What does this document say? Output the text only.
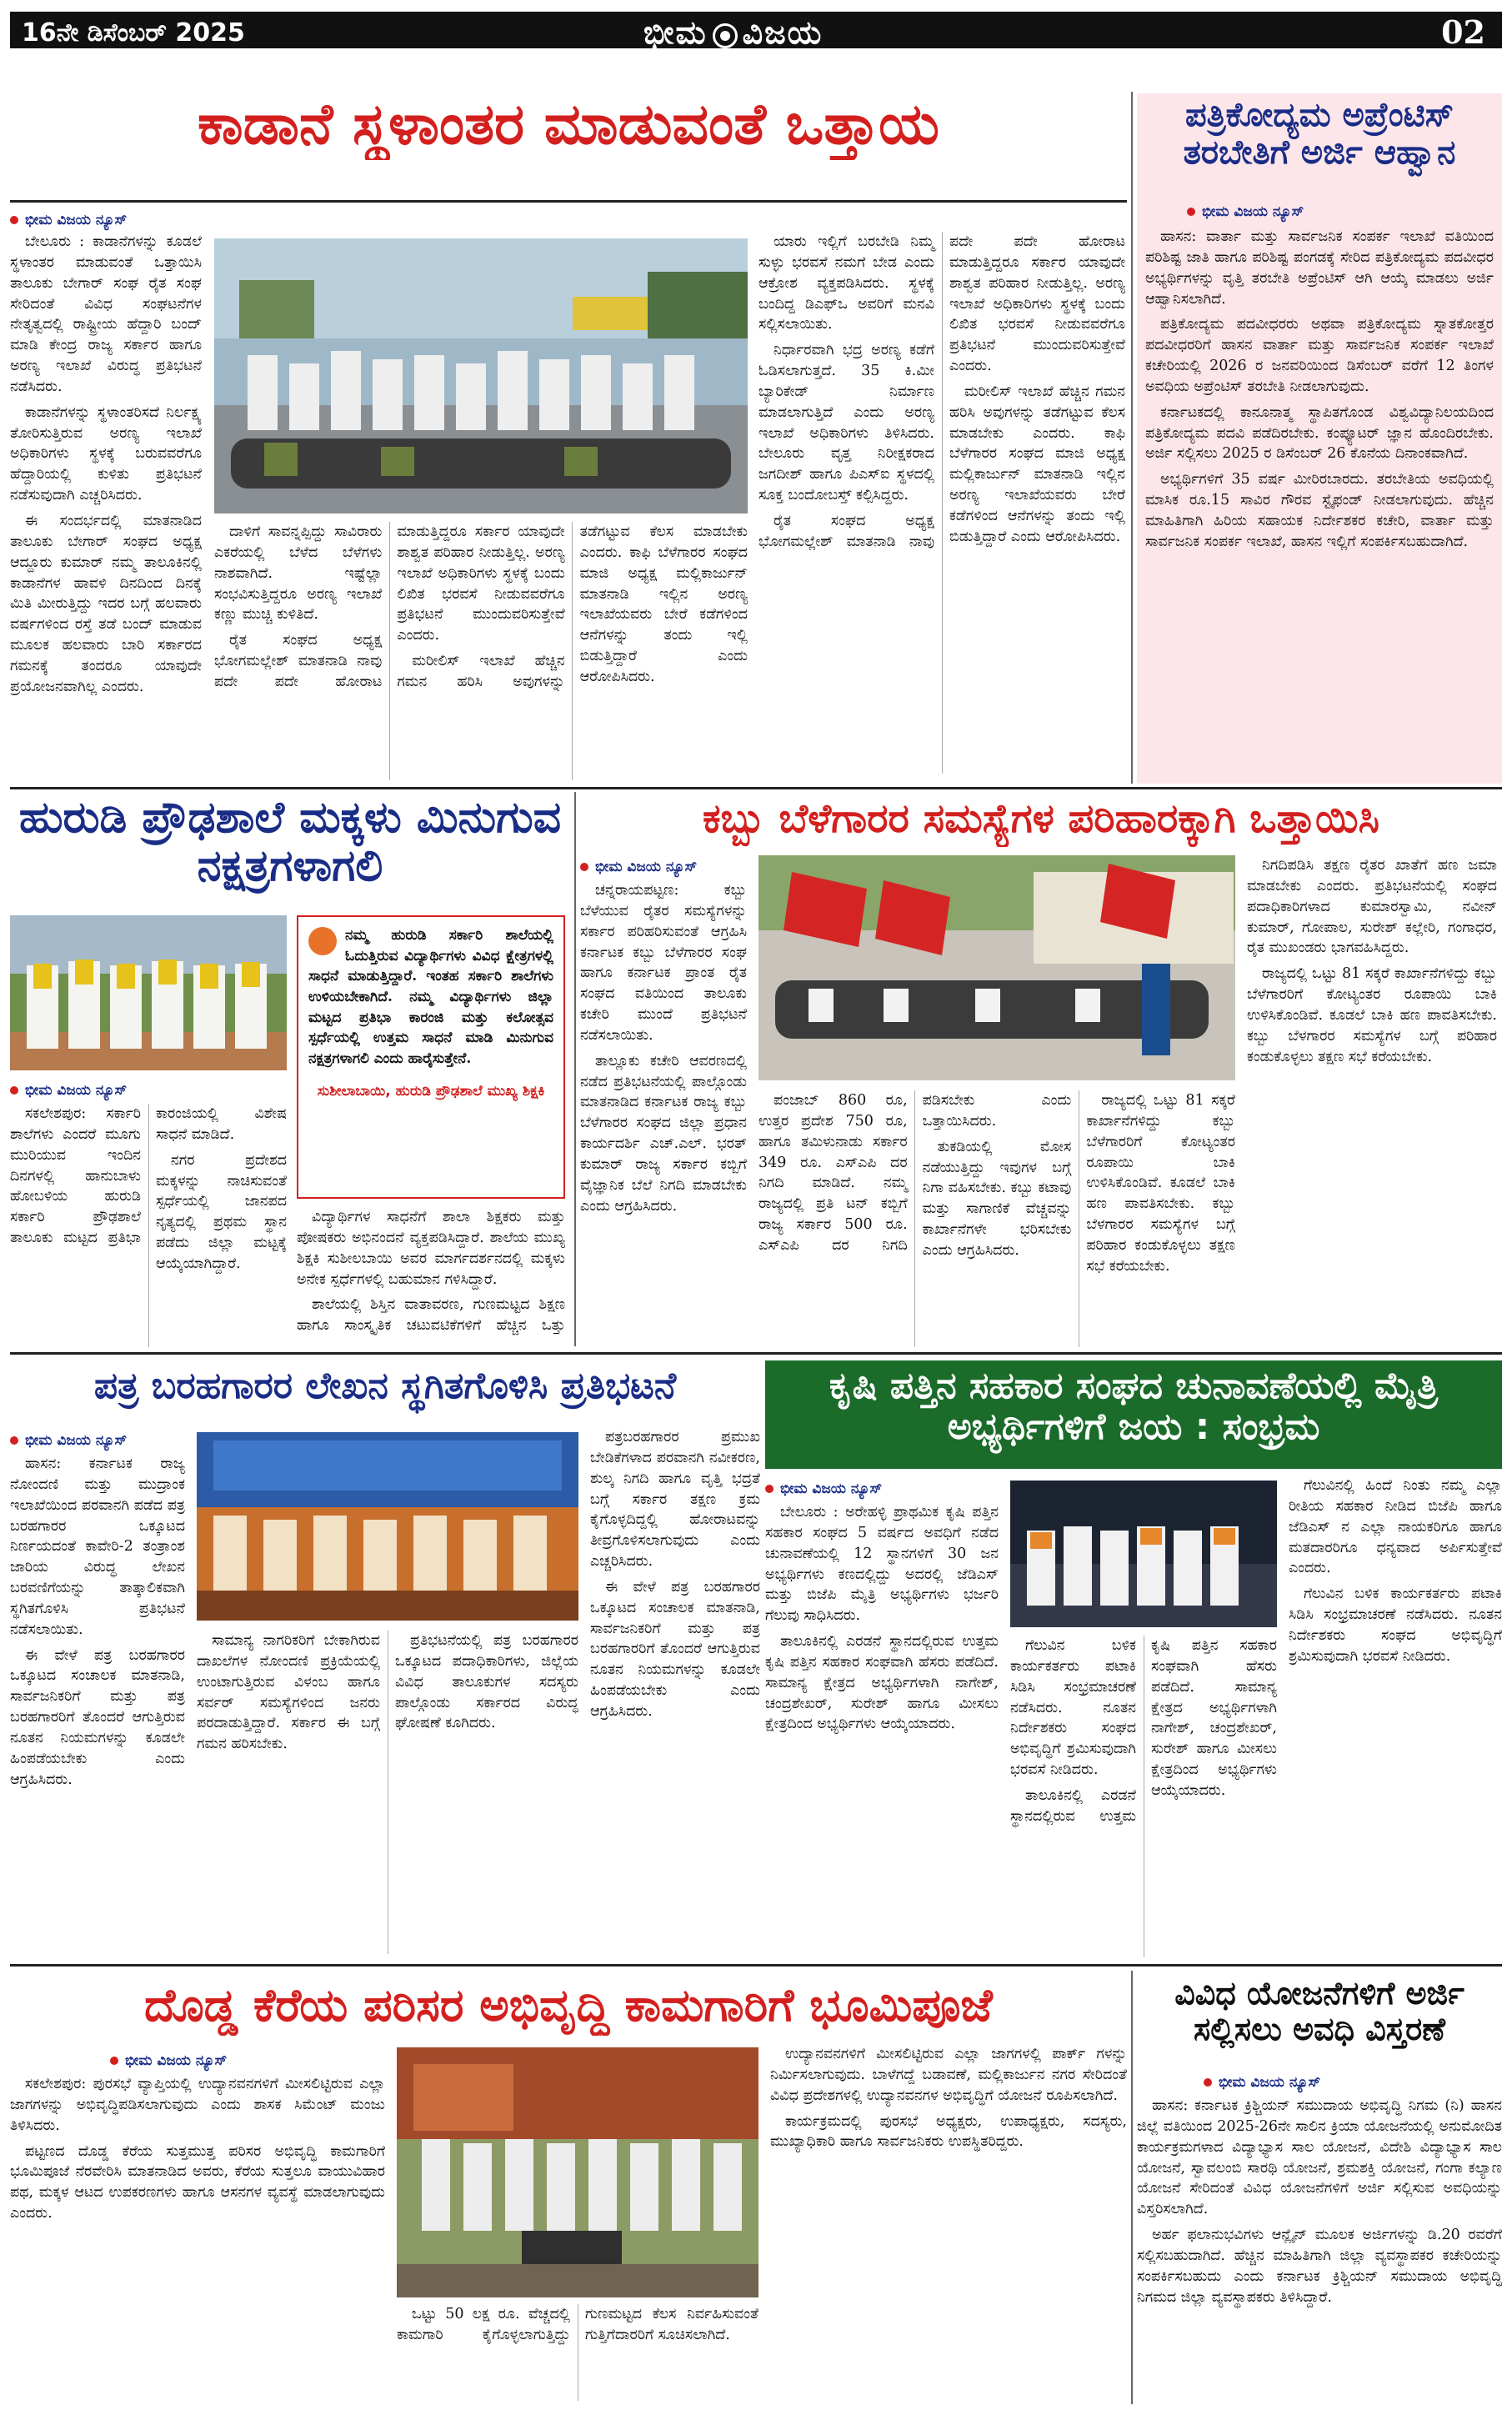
16ನೇ ಡಿಸೆಂಬರ್ 2025	ಭೀಮ ವಿಜಯ	02
ಕಾಡಾನೆ ಸ್ಥಳಾಂತರ ಮಾಡುವಂತೆ ಒತ್ತಾಯ
ಭೀಮ ವಿಜಯ ನ್ಯೂಸ್

ಬೇಲೂರು : ಕಾಡಾನೆಗಳನ್ನು ಕೂಡಲೆ ಸ್ಥಳಾಂತರ ಮಾಡುವಂತೆ ಒತ್ತಾಯಿಸಿ ತಾಲೂಕು ಬೇಗಾರ್ ಸಂಘ ರೈತ ಸಂಘ ಸೇರಿದಂತೆ ವಿವಿಧ ಸಂಘಟನೆಗಳ ನೇತೃತ್ವದಲ್ಲಿ ರಾಷ್ಟ್ರೀಯ ಹೆದ್ದಾರಿ ಬಂದ್ ಮಾಡಿ ಕೇಂದ್ರ ರಾಜ್ಯ ಸರ್ಕಾರ ಹಾಗೂ ಅರಣ್ಯ ಇಲಾಖೆ ವಿರುದ್ಧ ಪ್ರತಿಭಟನೆ ನಡೆಸಿದರು.

ಕಾಡಾನೆಗಳನ್ನು ಸ್ಥಳಾಂತರಿಸದೆ ನಿರ್ಲಕ್ಷ್ಯ ತೋರಿಸುತ್ತಿರುವ ಅರಣ್ಯ ಇಲಾಖೆ ಅಧಿಕಾರಿಗಳು ಸ್ಥಳಕ್ಕೆ ಬರುವವರೆಗೂ ಹೆದ್ದಾರಿಯಲ್ಲಿ ಕುಳಿತು ಪ್ರತಿಭಟನೆ ನಡೆಸುವುದಾಗಿ ಎಚ್ಚರಿಸಿದರು.

ಈ ಸಂದರ್ಭದಲ್ಲಿ ಮಾತನಾಡಿದ ತಾಲೂಕು ಬೇಗಾರ್ ಸಂಘದ ಅಧ್ಯಕ್ಷ ಆದ್ದೂರು ಕುಮಾರ್ ನಮ್ಮ ತಾಲೂಕಿನಲ್ಲಿ ಕಾಡಾನೆಗಳ ಹಾವಳಿ ದಿನದಿಂದ ದಿನಕ್ಕೆ ಮಿತಿ ಮೀರುತ್ತಿದ್ದು ಇದರ ಬಗ್ಗೆ ಹಲವಾರು ವರ್ಷಗಳಿಂದ ರಸ್ತೆ ತಡೆ ಬಂದ್ ಮಾಡುವ ಮೂಲಕ ಹಲವಾರು ಬಾರಿ ಸರ್ಕಾರದ ಗಮನಕ್ಕೆ ತಂದರೂ ಯಾವುದೇ ಪ್ರಯೋಜನವಾಗಿಲ್ಲ ಎಂದರು.

ದಾಳಿಗೆ ಸಾವನ್ನಪ್ಪಿದ್ದು ಸಾವಿರಾರು ಎಕರೆಯಲ್ಲಿ ಬೆಳೆದ ಬೆಳೆಗಳು ನಾಶವಾಗಿದೆ. ಇಷ್ಟೆಲ್ಲಾ ಸಂಭವಿಸುತ್ತಿದ್ದರೂ ಅರಣ್ಯ ಇಲಾಖೆ ಕಣ್ಣು ಮುಚ್ಚಿ ಕುಳಿತಿದೆ.

ರೈತ ಸಂಘದ ಅಧ್ಯಕ್ಷ ಭೋಗಮಲ್ಲೇಶ್ ಮಾತನಾಡಿ ನಾವು ಪದೇ ಪದೇ ಹೋರಾಟ ಮಾಡುತ್ತಿದ್ದರೂ ಸರ್ಕಾರ ಯಾವುದೇ ಶಾಶ್ವತ ಪರಿಹಾರ ನೀಡುತ್ತಿಲ್ಲ. ಅರಣ್ಯ ಇಲಾಖೆ ಅಧಿಕಾರಿಗಳು ಸ್ಥಳಕ್ಕೆ ಬಂದು ಲಿಖಿತ ಭರವಸೆ ನೀಡುವವರೆಗೂ ಪ್ರತಿಭಟನೆ ಮುಂದುವರಿಸುತ್ತೇವೆ ಎಂದರು.

ಮರೀಲಿಸ್ ಇಲಾಖೆ ಹೆಚ್ಚಿನ ಗಮನ ಹರಿಸಿ ಅವುಗಳನ್ನು ತಡೆಗಟ್ಟುವ ಕೆಲಸ ಮಾಡಬೇಕು ಎಂದರು. ಕಾಫಿ ಬೆಳೆಗಾರರ ಸಂಘದ ಮಾಜಿ ಅಧ್ಯಕ್ಷ ಮಲ್ಲಿಕಾರ್ಜುನ್ ಮಾತನಾಡಿ ಇಲ್ಲಿನ ಅರಣ್ಯ ಇಲಾಖೆಯವರು ಬೇರೆ ಕಡೆಗಳಿಂದ ಆನೆಗಳನ್ನು ತಂದು ಇಲ್ಲಿ ಬಿಡುತ್ತಿದ್ದಾರೆ ಎಂದು ಆರೋಪಿಸಿದರು.

ಯಾರು ಇಲ್ಲಿಗೆ ಬರಬೇಡಿ ನಿಮ್ಮ ಸುಳ್ಳು ಭರವಸೆ ನಮಗೆ ಬೇಡ ಎಂದು ಆಕ್ರೋಶ ವ್ಯಕ್ತಪಡಿಸಿದರು. ಸ್ಥಳಕ್ಕೆ ಬಂದಿದ್ದ ಡಿಎಫ್ಒ ಅವರಿಗೆ ಮನವಿ ಸಲ್ಲಿಸಲಾಯಿತು.

ನಿರ್ಧಾರವಾಗಿ ಭದ್ರ ಅರಣ್ಯ ಕಡೆಗೆ ಓಡಿಸಲಾಗುತ್ತದೆ. 35 ಕಿ.ಮೀ ಬ್ಯಾರಿಕೇಡ್ ನಿರ್ಮಾಣ ಮಾಡಲಾಗುತ್ತಿದೆ ಎಂದು ಅರಣ್ಯ ಇಲಾಖೆ ಅಧಿಕಾರಿಗಳು ತಿಳಿಸಿದರು. ಬೇಲೂರು ವೃತ್ತ ನಿರೀಕ್ಷಕರಾದ ಜಗದೀಶ್ ಹಾಗೂ ಪಿಎಸ್ಐ ಸ್ಥಳದಲ್ಲಿ ಸೂಕ್ತ ಬಂದೋಬಸ್ತ್ ಕಲ್ಪಿಸಿದ್ದರು.

ರೈತ ಸಂಘದ ಅಧ್ಯಕ್ಷ ಭೋಗಮಲ್ಲೇಶ್ ಮಾತನಾಡಿ ನಾವು ಪದೇ ಪದೇ ಹೋರಾಟ ಮಾಡುತ್ತಿದ್ದರೂ ಸರ್ಕಾರ ಯಾವುದೇ ಶಾಶ್ವತ ಪರಿಹಾರ ನೀಡುತ್ತಿಲ್ಲ. ಅರಣ್ಯ ಇಲಾಖೆ ಅಧಿಕಾರಿಗಳು ಸ್ಥಳಕ್ಕೆ ಬಂದು ಲಿಖಿತ ಭರವಸೆ ನೀಡುವವರೆಗೂ ಪ್ರತಿಭಟನೆ ಮುಂದುವರಿಸುತ್ತೇವೆ ಎಂದರು.

ಮರೀಲಿಸ್ ಇಲಾಖೆ ಹೆಚ್ಚಿನ ಗಮನ ಹರಿಸಿ ಅವುಗಳನ್ನು ತಡೆಗಟ್ಟುವ ಕೆಲಸ ಮಾಡಬೇಕು ಎಂದರು. ಕಾಫಿ ಬೆಳೆಗಾರರ ಸಂಘದ ಮಾಜಿ ಅಧ್ಯಕ್ಷ ಮಲ್ಲಿಕಾರ್ಜುನ್ ಮಾತನಾಡಿ ಇಲ್ಲಿನ ಅರಣ್ಯ ಇಲಾಖೆಯವರು ಬೇರೆ ಕಡೆಗಳಿಂದ ಆನೆಗಳನ್ನು ತಂದು ಇಲ್ಲಿ ಬಿಡುತ್ತಿದ್ದಾರೆ ಎಂದು ಆರೋಪಿಸಿದರು.

ಪತ್ರಿಕೋದ್ಯಮ ಅಪ್ರೆಂಟಿಸ್ ತರಬೇತಿಗೆ ಅರ್ಜಿ ಆಹ್ವಾನ
ಭೀಮ ವಿಜಯ ನ್ಯೂಸ್

ಹಾಸನ: ವಾರ್ತಾ ಮತ್ತು ಸಾರ್ವಜನಿಕ ಸಂಪರ್ಕ ಇಲಾಖೆ ವತಿಯಿಂದ ಪರಿಶಿಷ್ಟ ಜಾತಿ ಹಾಗೂ ಪರಿಶಿಷ್ಟ ಪಂಗಡಕ್ಕೆ ಸೇರಿದ ಪತ್ರಿಕೋದ್ಯಮ ಪದವೀಧರ ಅಭ್ಯರ್ಥಿಗಳನ್ನು ವೃತ್ತಿ ತರಬೇತಿ ಅಪ್ರೆಂಟಿಸ್ ಆಗಿ ಆಯ್ಕೆ ಮಾಡಲು ಅರ್ಜಿ ಆಹ್ವಾನಿಸಲಾಗಿದೆ.

ಪತ್ರಿಕೋದ್ಯಮ ಪದವೀಧರರು ಅಥವಾ ಪತ್ರಿಕೋದ್ಯಮ ಸ್ನಾತಕೋತ್ತರ ಪದವೀಧರರಿಗೆ ಹಾಸನ ವಾರ್ತಾ ಮತ್ತು ಸಾರ್ವಜನಿಕ ಸಂಪರ್ಕ ಇಲಾಖೆ ಕಚೇರಿಯಲ್ಲಿ 2026 ರ ಜನವರಿಯಿಂದ ಡಿಸೆಂಬರ್ ವರೆಗೆ 12 ತಿಂಗಳ ಅವಧಿಯ ಅಪ್ರೆಂಟಿಸ್ ತರಬೇತಿ ನೀಡಲಾಗುವುದು.

ಕರ್ನಾಟಕದಲ್ಲಿ ಕಾನೂನಾತ್ಮ ಸ್ಥಾಪಿತಗೊಂಡ ವಿಶ್ವವಿದ್ಯಾನಿಲಯದಿಂದ ಪತ್ರಿಕೋದ್ಯಮ ಪದವಿ ಪಡೆದಿರಬೇಕು. ಕಂಪ್ಯೂಟರ್ ಜ್ಞಾನ ಹೊಂದಿರಬೇಕು. ಅರ್ಜಿ ಸಲ್ಲಿಸಲು 2025 ರ ಡಿಸೆಂಬರ್ 26 ಕೊನೆಯ ದಿನಾಂಕವಾಗಿದೆ.

ಅಭ್ಯರ್ಥಿಗಳಿಗೆ 35 ವರ್ಷ ಮೀರಿರಬಾರದು. ತರಬೇತಿಯ ಅವಧಿಯಲ್ಲಿ ಮಾಸಿಕ ರೂ.15 ಸಾವಿರ ಗೌರವ ಸ್ಟೈಫಂಡ್ ನೀಡಲಾಗುವುದು. ಹೆಚ್ಚಿನ ಮಾಹಿತಿಗಾಗಿ ಹಿರಿಯ ಸಹಾಯಕ ನಿರ್ದೇಶಕರ ಕಚೇರಿ, ವಾರ್ತಾ ಮತ್ತು ಸಾರ್ವಜನಿಕ ಸಂಪರ್ಕ ಇಲಾಖೆ, ಹಾಸನ ಇಲ್ಲಿಗೆ ಸಂಪರ್ಕಿಸಬಹುದಾಗಿದೆ.

ಹುರುಡಿ ಪ್ರೌಢಶಾಲೆ ಮಕ್ಕಳು ಮಿನುಗುವ ನಕ್ಷತ್ರಗಳಾಗಲಿ
ನಮ್ಮ ಹುರುಡಿ ಸರ್ಕಾರಿ ಶಾಲೆಯಲ್ಲಿ ಓದುತ್ತಿರುವ ವಿದ್ಯಾರ್ಥಿಗಳು ವಿವಿಧ ಕ್ಷೇತ್ರಗಳಲ್ಲಿ ಸಾಧನೆ ಮಾಡುತ್ತಿದ್ದಾರೆ. ಇಂತಹ ಸರ್ಕಾರಿ ಶಾಲೆಗಳು ಉಳಿಯಬೇಕಾಗಿದೆ. ನಮ್ಮ ವಿದ್ಯಾರ್ಥಿಗಳು ಜಿಲ್ಲಾ ಮಟ್ಟದ ಪ್ರತಿಭಾ ಕಾರಂಜಿ ಮತ್ತು ಕಲೋತ್ಸವ ಸ್ಪರ್ಧೆಯಲ್ಲಿ ಉತ್ತಮ ಸಾಧನೆ ಮಾಡಿ ಮಿನುಗುವ ನಕ್ಷತ್ರಗಳಾಗಲಿ ಎಂದು ಹಾರೈಸುತ್ತೇನೆ.
ಸುಶೀಲಾಬಾಯಿ, ಹುರುಡಿ ಪ್ರೌಢಶಾಲೆ ಮುಖ್ಯ ಶಿಕ್ಷಕಿ
ಭೀಮ ವಿಜಯ ನ್ಯೂಸ್

ಸಕಲೇಶಪುರ: ಸರ್ಕಾರಿ ಶಾಲೆಗಳು ಎಂದರೆ ಮೂಗು ಮುರಿಯುವ ಇಂದಿನ ದಿನಗಳಲ್ಲಿ ಹಾನುಬಾಳು ಹೋಬಳಿಯ ಹುರುಡಿ ಸರ್ಕಾರಿ ಪ್ರೌಢಶಾಲೆ ತಾಲೂಕು ಮಟ್ಟದ ಪ್ರತಿಭಾ ಕಾರಂಜಿಯಲ್ಲಿ ವಿಶೇಷ ಸಾಧನೆ ಮಾಡಿದೆ.

ನಗರ ಪ್ರದೇಶದ ಮಕ್ಕಳನ್ನು ನಾಚಿಸುವಂತೆ ಸ್ಪರ್ಧೆಯಲ್ಲಿ ಜಾನಪದ ನೃತ್ಯದಲ್ಲಿ ಪ್ರಥಮ ಸ್ಥಾನ ಪಡೆದು ಜಿಲ್ಲಾ ಮಟ್ಟಕ್ಕೆ ಆಯ್ಕೆಯಾಗಿದ್ದಾರೆ.

ವಿದ್ಯಾರ್ಥಿಗಳ ಸಾಧನೆಗೆ ಶಾಲಾ ಶಿಕ್ಷಕರು ಮತ್ತು ಪೋಷಕರು ಅಭಿನಂದನೆ ವ್ಯಕ್ತಪಡಿಸಿದ್ದಾರೆ. ಶಾಲೆಯ ಮುಖ್ಯ ಶಿಕ್ಷಕಿ ಸುಶೀಲಬಾಯಿ ಅವರ ಮಾರ್ಗದರ್ಶನದಲ್ಲಿ ಮಕ್ಕಳು ಅನೇಕ ಸ್ಪರ್ಧೆಗಳಲ್ಲಿ ಬಹುಮಾನ ಗಳಿಸಿದ್ದಾರೆ.

ಶಾಲೆಯಲ್ಲಿ ಶಿಸ್ತಿನ ವಾತಾವರಣ, ಗುಣಮಟ್ಟದ ಶಿಕ್ಷಣ ಹಾಗೂ ಸಾಂಸ್ಕೃತಿಕ ಚಟುವಟಿಕೆಗಳಿಗೆ ಹೆಚ್ಚಿನ ಒತ್ತು

ಕಬ್ಬು ಬೆಳೆಗಾರರ ಸಮಸ್ಯೆಗಳ ಪರಿಹಾರಕ್ಕಾಗಿ ಒತ್ತಾಯಿಸಿ
ಭೀಮ ವಿಜಯ ನ್ಯೂಸ್

ಚನ್ನರಾಯಪಟ್ಟಣ: ಕಬ್ಬು ಬೆಳೆಯುವ ರೈತರ ಸಮಸ್ಯೆಗಳನ್ನು ಸರ್ಕಾರ ಪರಿಹರಿಸುವಂತೆ ಆಗ್ರಹಿಸಿ ಕರ್ನಾಟಕ ಕಬ್ಬು ಬೆಳೆಗಾರರ ಸಂಘ ಹಾಗೂ ಕರ್ನಾಟಕ ಪ್ರಾಂತ ರೈತ ಸಂಘದ ವತಿಯಿಂದ ತಾಲೂಕು ಕಚೇರಿ ಮುಂದೆ ಪ್ರತಿಭಟನೆ ನಡೆಸಲಾಯಿತು.

ತಾಲ್ಲೂಕು ಕಚೇರಿ ಆವರಣದಲ್ಲಿ ನಡೆದ ಪ್ರತಿಭಟನೆಯಲ್ಲಿ ಪಾಲ್ಗೊಂಡು ಮಾತನಾಡಿದ ಕರ್ನಾಟಕ ರಾಜ್ಯ ಕಬ್ಬು ಬೆಳೆಗಾರರ ಸಂಘದ ಜಿಲ್ಲಾ ಪ್ರಧಾನ ಕಾರ್ಯದರ್ಶಿ ಎಚ್.ಎಲ್. ಭರತ್ ಕುಮಾರ್ ರಾಜ್ಯ ಸರ್ಕಾರ ಕಬ್ಬಿಗೆ ವೈಜ್ಞಾನಿಕ ಬೆಲೆ ನಿಗದಿ ಮಾಡಬೇಕು ಎಂದು ಆಗ್ರಹಿಸಿದರು.

ಪಂಜಾಬ್ 860 ರೂ, ಉತ್ತರ ಪ್ರದೇಶ 750 ರೂ, ಹಾಗೂ ತಮಿಳುನಾಡು ಸರ್ಕಾರ 349 ರೂ. ಎಸ್ಎಪಿ ದರ ನಿಗದಿ ಮಾಡಿದೆ. ನಮ್ಮ ರಾಜ್ಯದಲ್ಲಿ ಪ್ರತಿ ಟನ್ ಕಬ್ಬಿಗೆ ರಾಜ್ಯ ಸರ್ಕಾರ 500 ರೂ. ಎಸ್ಎಪಿ ದರ ನಿಗದಿ ಪಡಿಸಬೇಕು ಎಂದು ಒತ್ತಾಯಿಸಿದರು.

ತುಕಡಿಯಲ್ಲಿ ಮೋಸ ನಡೆಯುತ್ತಿದ್ದು ಇವುಗಳ ಬಗ್ಗೆ ನಿಗಾ ವಹಿಸಬೇಕು. ಕಬ್ಬು ಕಟಾವು ಮತ್ತು ಸಾಗಾಣಿಕೆ ವೆಚ್ಚವನ್ನು ಕಾರ್ಖಾನೆಗಳೇ ಭರಿಸಬೇಕು ಎಂದು ಆಗ್ರಹಿಸಿದರು.

ರಾಜ್ಯದಲ್ಲಿ ಒಟ್ಟು 81 ಸಕ್ಕರೆ ಕಾರ್ಖಾನೆಗಳಿದ್ದು ಕಬ್ಬು ಬೆಳೆಗಾರರಿಗೆ ಕೋಟ್ಯಂತರ ರೂಪಾಯಿ ಬಾಕಿ ಉಳಿಸಿಕೊಂಡಿವೆ. ಕೂಡಲೆ ಬಾಕಿ ಹಣ ಪಾವತಿಸಬೇಕು. ಕಬ್ಬು ಬೆಳಗಾರರ ಸಮಸ್ಯೆಗಳ ಬಗ್ಗೆ ಪರಿಹಾರ ಕಂಡುಕೊಳ್ಳಲು ತಕ್ಷಣ ಸಭೆ ಕರೆಯಬೇಕು.

ನಿಗದಿಪಡಿಸಿ ತಕ್ಷಣ ರೈತರ ಖಾತೆಗೆ ಹಣ ಜಮಾ ಮಾಡಬೇಕು ಎಂದರು. ಪ್ರತಿಭಟನೆಯಲ್ಲಿ ಸಂಘದ ಪದಾಧಿಕಾರಿಗಳಾದ ಕುಮಾರಸ್ವಾಮಿ, ನವೀನ್ ಕುಮಾರ್, ಗೋಪಾಲ, ಸುರೇಶ್ ಕಲ್ಲೇರಿ, ಗಂಗಾಧರ, ರೈತ ಮುಖಂಡರು ಭಾಗವಹಿಸಿದ್ದರು.

ರಾಜ್ಯದಲ್ಲಿ ಒಟ್ಟು 81 ಸಕ್ಕರೆ ಕಾರ್ಖಾನೆಗಳಿದ್ದು ಕಬ್ಬು ಬೆಳೆಗಾರರಿಗೆ ಕೋಟ್ಯಂತರ ರೂಪಾಯಿ ಬಾಕಿ ಉಳಿಸಿಕೊಂಡಿವೆ. ಕೂಡಲೆ ಬಾಕಿ ಹಣ ಪಾವತಿಸಬೇಕು. ಕಬ್ಬು ಬೆಳಗಾರರ ಸಮಸ್ಯೆಗಳ ಬಗ್ಗೆ ಪರಿಹಾರ ಕಂಡುಕೊಳ್ಳಲು ತಕ್ಷಣ ಸಭೆ ಕರೆಯಬೇಕು.

ಪತ್ರ ಬರಹಗಾರರ ಲೇಖನ ಸ್ಥಗಿತಗೊಳಿಸಿ ಪ್ರತಿಭಟನೆ
ಭೀಮ ವಿಜಯ ನ್ಯೂಸ್

ಹಾಸನ: ಕರ್ನಾಟಕ ರಾಜ್ಯ ನೋಂದಣಿ ಮತ್ತು ಮುದ್ರಾಂಕ ಇಲಾಖೆಯಿಂದ ಪರವಾನಗಿ ಪಡೆದ ಪತ್ರ ಬರಹಗಾರರ ಒಕ್ಕೂಟದ ನಿರ್ಣಯದಂತೆ ಕಾವೇರಿ-2 ತಂತ್ರಾಂಶ ಜಾರಿಯ ವಿರುದ್ಧ ಲೇಖನ ಬರವಣಿಗೆಯನ್ನು ತಾತ್ಕಾಲಿಕವಾಗಿ ಸ್ಥಗಿತಗೊಳಿಸಿ ಪ್ರತಿಭಟನೆ ನಡೆಸಲಾಯಿತು.

ಈ ವೇಳೆ ಪತ್ರ ಬರಹಗಾರರ ಒಕ್ಕೂಟದ ಸಂಚಾಲಕ ಮಾತನಾಡಿ, ಸಾರ್ವಜನಿಕರಿಗೆ ಮತ್ತು ಪತ್ರ ಬರಹಗಾರರಿಗೆ ತೊಂದರೆ ಆಗುತ್ತಿರುವ ನೂತನ ನಿಯಮಗಳನ್ನು ಕೂಡಲೇ ಹಿಂಪಡೆಯಬೇಕು ಎಂದು ಆಗ್ರಹಿಸಿದರು.

ಸಾಮಾನ್ಯ ನಾಗರಿಕರಿಗೆ ಬೇಕಾಗಿರುವ ದಾಖಲೆಗಳ ನೋಂದಣಿ ಪ್ರಕ್ರಿಯೆಯಲ್ಲಿ ಉಂಟಾಗುತ್ತಿರುವ ವಿಳಂಬ ಹಾಗೂ ಸರ್ವರ್ ಸಮಸ್ಯೆಗಳಿಂದ ಜನರು ಪರದಾಡುತ್ತಿದ್ದಾರೆ. ಸರ್ಕಾರ ಈ ಬಗ್ಗೆ ಗಮನ ಹರಿಸಬೇಕು.

ಪ್ರತಿಭಟನೆಯಲ್ಲಿ ಪತ್ರ ಬರಹಗಾರರ ಒಕ್ಕೂಟದ ಪದಾಧಿಕಾರಿಗಳು, ಜಿಲ್ಲೆಯ ವಿವಿಧ ತಾಲೂಕುಗಳ ಸದಸ್ಯರು ಪಾಲ್ಗೊಂಡು ಸರ್ಕಾರದ ವಿರುದ್ಧ ಘೋಷಣೆ ಕೂಗಿದರು.

ಪತ್ರಬರಹಗಾರರ ಪ್ರಮುಖ ಬೇಡಿಕೆಗಳಾದ ಪರವಾನಗಿ ನವೀಕರಣ, ಶುಲ್ಕ ನಿಗದಿ ಹಾಗೂ ವೃತ್ತಿ ಭದ್ರತೆ ಬಗ್ಗೆ ಸರ್ಕಾರ ತಕ್ಷಣ ಕ್ರಮ ಕೈಗೊಳ್ಳದಿದ್ದಲ್ಲಿ ಹೋರಾಟವನ್ನು ತೀವ್ರಗೊಳಿಸಲಾಗುವುದು ಎಂದು ಎಚ್ಚರಿಸಿದರು.

ಈ ವೇಳೆ ಪತ್ರ ಬರಹಗಾರರ ಒಕ್ಕೂಟದ ಸಂಚಾಲಕ ಮಾತನಾಡಿ, ಸಾರ್ವಜನಿಕರಿಗೆ ಮತ್ತು ಪತ್ರ ಬರಹಗಾರರಿಗೆ ತೊಂದರೆ ಆಗುತ್ತಿರುವ ನೂತನ ನಿಯಮಗಳನ್ನು ಕೂಡಲೇ ಹಿಂಪಡೆಯಬೇಕು ಎಂದು ಆಗ್ರಹಿಸಿದರು.

ಕೃಷಿ ಪತ್ತಿನ ಸಹಕಾರ ಸಂಘದ ಚುನಾವಣೆಯಲ್ಲಿ ಮೈತ್ರಿ ಅಭ್ಯರ್ಥಿಗಳಿಗೆ ಜಯ : ಸಂಭ್ರಮ
ಭೀಮ ವಿಜಯ ನ್ಯೂಸ್

ಬೇಲೂರು : ಅರೇಹಳ್ಳಿ ಪ್ರಾಥಮಿಕ ಕೃಷಿ ಪತ್ತಿನ ಸಹಕಾರ ಸಂಘದ 5 ವರ್ಷದ ಅವಧಿಗೆ ನಡೆದ ಚುನಾವಣೆಯಲ್ಲಿ 12 ಸ್ಥಾನಗಳಿಗೆ 30 ಜನ ಅಭ್ಯರ್ಥಿಗಳು ಕಣದಲ್ಲಿದ್ದು ಅದರಲ್ಲಿ ಜೆಡಿಎಸ್ ಮತ್ತು ಬಿಜೆಪಿ ಮೈತ್ರಿ ಅಭ್ಯರ್ಥಿಗಳು ಭರ್ಜರಿ ಗೆಲುವು ಸಾಧಿಸಿದರು.

ತಾಲೂಕಿನಲ್ಲಿ ಎರಡನೆ ಸ್ಥಾನದಲ್ಲಿರುವ ಉತ್ತಮ ಕೃಷಿ ಪತ್ತಿನ ಸಹಕಾರ ಸಂಘವಾಗಿ ಹೆಸರು ಪಡೆದಿದೆ. ಸಾಮಾನ್ಯ ಕ್ಷೇತ್ರದ ಅಭ್ಯರ್ಥಿಗಳಾಗಿ ನಾಗೇಶ್, ಚಂದ್ರಶೇಖರ್, ಸುರೇಶ್ ಹಾಗೂ ಮೀಸಲು ಕ್ಷೇತ್ರದಿಂದ ಅಭ್ಯರ್ಥಿಗಳು ಆಯ್ಕೆಯಾದರು.

ಗೆಲುವಿನ ಬಳಿಕ ಕಾರ್ಯಕರ್ತರು ಪಟಾಕಿ ಸಿಡಿಸಿ ಸಂಭ್ರಮಾಚರಣೆ ನಡೆಸಿದರು. ನೂತನ ನಿರ್ದೇಶಕರು ಸಂಘದ ಅಭಿವೃದ್ಧಿಗೆ ಶ್ರಮಿಸುವುದಾಗಿ ಭರವಸೆ ನೀಡಿದರು.

ತಾಲೂಕಿನಲ್ಲಿ ಎರಡನೆ ಸ್ಥಾನದಲ್ಲಿರುವ ಉತ್ತಮ ಕೃಷಿ ಪತ್ತಿನ ಸಹಕಾರ ಸಂಘವಾಗಿ ಹೆಸರು ಪಡೆದಿದೆ. ಸಾಮಾನ್ಯ ಕ್ಷೇತ್ರದ ಅಭ್ಯರ್ಥಿಗಳಾಗಿ ನಾಗೇಶ್, ಚಂದ್ರಶೇಖರ್, ಸುರೇಶ್ ಹಾಗೂ ಮೀಸಲು ಕ್ಷೇತ್ರದಿಂದ ಅಭ್ಯರ್ಥಿಗಳು ಆಯ್ಕೆಯಾದರು.

ಗೆಲುವಿನಲ್ಲಿ ಹಿಂದೆ ನಿಂತು ನಮ್ಮ ಎಲ್ಲಾ ರೀತಿಯ ಸಹಕಾರ ನೀಡಿದ ಬಿಜೆಪಿ ಹಾಗೂ ಜೆಡಿಎಸ್ ನ ಎಲ್ಲಾ ನಾಯಕರಿಗೂ ಹಾಗೂ ಮತದಾರರಿಗೂ ಧನ್ಯವಾದ ಅರ್ಪಿಸುತ್ತೇವೆ ಎಂದರು.

ಗೆಲುವಿನ ಬಳಿಕ ಕಾರ್ಯಕರ್ತರು ಪಟಾಕಿ ಸಿಡಿಸಿ ಸಂಭ್ರಮಾಚರಣೆ ನಡೆಸಿದರು. ನೂತನ ನಿರ್ದೇಶಕರು ಸಂಘದ ಅಭಿವೃದ್ಧಿಗೆ ಶ್ರಮಿಸುವುದಾಗಿ ಭರವಸೆ ನೀಡಿದರು.

ದೊಡ್ಡ ಕೆರೆಯ ಪರಿಸರ ಅಭಿವೃದ್ಧಿ ಕಾಮಗಾರಿಗೆ ಭೂಮಿಪೂಜೆ
ಭೀಮ ವಿಜಯ ನ್ಯೂಸ್

ಸಕಲೇಶಪುರ: ಪುರಸಭೆ ವ್ಯಾಪ್ತಿಯಲ್ಲಿ ಉದ್ಯಾನವನಗಳಿಗೆ ಮೀಸಲಿಟ್ಟಿರುವ ಎಲ್ಲಾ ಜಾಗಗಳನ್ನು ಅಭಿವೃದ್ಧಿಪಡಿಸಲಾಗುವುದು ಎಂದು ಶಾಸಕ ಸಿಮೆಂಟ್ ಮಂಜು ತಿಳಿಸಿದರು.

ಪಟ್ಟಣದ ದೊಡ್ಡ ಕೆರೆಯ ಸುತ್ತಮುತ್ತ ಪರಿಸರ ಅಭಿವೃದ್ಧಿ ಕಾಮಗಾರಿಗೆ ಭೂಮಿಪೂಜೆ ನೆರವೇರಿಸಿ ಮಾತನಾಡಿದ ಅವರು, ಕೆರೆಯ ಸುತ್ತಲೂ ವಾಯುವಿಹಾರ ಪಥ, ಮಕ್ಕಳ ಆಟದ ಉಪಕರಣಗಳು ಹಾಗೂ ಆಸನಗಳ ವ್ಯವಸ್ಥೆ ಮಾಡಲಾಗುವುದು ಎಂದರು.

ಒಟ್ಟು 50 ಲಕ್ಷ ರೂ. ವೆಚ್ಚದಲ್ಲಿ ಕಾಮಗಾರಿ ಕೈಗೊಳ್ಳಲಾಗುತ್ತಿದ್ದು ಗುಣಮಟ್ಟದ ಕೆಲಸ ನಿರ್ವಹಿಸುವಂತೆ ಗುತ್ತಿಗೆದಾರರಿಗೆ ಸೂಚಿಸಲಾಗಿದೆ.

ಉದ್ಯಾನವನಗಳಿಗೆ ಮೀಸಲಿಟ್ಟಿರುವ ಎಲ್ಲಾ ಜಾಗಗಳಲ್ಲಿ ಪಾರ್ಕ್ ಗಳನ್ನು ನಿರ್ಮಿಸಲಾಗುವುದು. ಬಾಳೆಗದ್ದೆ ಬಡಾವಣೆ, ಮಲ್ಲಿಕಾರ್ಜುನ ನಗರ ಸೇರಿದಂತೆ ವಿವಿಧ ಪ್ರದೇಶಗಳಲ್ಲಿ ಉದ್ಯಾನವನಗಳ ಅಭಿವೃದ್ಧಿಗೆ ಯೋಜನೆ ರೂಪಿಸಲಾಗಿದೆ.

ಕಾರ್ಯಕ್ರಮದಲ್ಲಿ ಪುರಸಭೆ ಅಧ್ಯಕ್ಷರು, ಉಪಾಧ್ಯಕ್ಷರು, ಸದಸ್ಯರು, ಮುಖ್ಯಾಧಿಕಾರಿ ಹಾಗೂ ಸಾರ್ವಜನಿಕರು ಉಪಸ್ಥಿತರಿದ್ದರು.

ವಿವಿಧ ಯೋಜನೆಗಳಿಗೆ ಅರ್ಜಿ ಸಲ್ಲಿಸಲು ಅವಧಿ ವಿಸ್ತರಣೆ
ಭೀಮ ವಿಜಯ ನ್ಯೂಸ್

ಹಾಸನ: ಕರ್ನಾಟಕ ಕ್ರಿಶ್ಚಿಯನ್ ಸಮುದಾಯ ಅಭಿವೃದ್ಧಿ ನಿಗಮ (ನಿ) ಹಾಸನ ಜಿಲ್ಲೆ ವತಿಯಿಂದ 2025-26ನೇ ಸಾಲಿನ ಕ್ರಿಯಾ ಯೋಜನೆಯಲ್ಲಿ ಅನುಮೋದಿತ ಕಾರ್ಯಕ್ರಮಗಳಾದ ವಿದ್ಯಾಭ್ಯಾಸ ಸಾಲ ಯೋಜನೆ, ವಿದೇಶಿ ವಿದ್ಯಾಭ್ಯಾಸ ಸಾಲ ಯೋಜನೆ, ಸ್ವಾವಲಂಬಿ ಸಾರಥಿ ಯೋಜನೆ, ಶ್ರಮಶಕ್ತಿ ಯೋಜನೆ, ಗಂಗಾ ಕಲ್ಯಾಣ ಯೋಜನೆ ಸೇರಿದಂತೆ ವಿವಿಧ ಯೋಜನೆಗಳಿಗೆ ಅರ್ಜಿ ಸಲ್ಲಿಸುವ ಅವಧಿಯನ್ನು ವಿಸ್ತರಿಸಲಾಗಿದೆ.

ಅರ್ಹ ಫಲಾನುಭವಿಗಳು ಆನ್ಲೈನ್ ಮೂಲಕ ಅರ್ಜಿಗಳನ್ನು ಡಿ.20 ರವರೆಗೆ ಸಲ್ಲಿಸಬಹುದಾಗಿದೆ. ಹೆಚ್ಚಿನ ಮಾಹಿತಿಗಾಗಿ ಜಿಲ್ಲಾ ವ್ಯವಸ್ಥಾಪಕರ ಕಚೇರಿಯನ್ನು ಸಂಪರ್ಕಿಸಬಹುದು ಎಂದು ಕರ್ನಾಟಕ ಕ್ರಿಶ್ಚಿಯನ್ ಸಮುದಾಯ ಅಭಿವೃದ್ಧಿ ನಿಗಮದ ಜಿಲ್ಲಾ ವ್ಯವಸ್ಥಾಪಕರು ತಿಳಿಸಿದ್ದಾರೆ.
